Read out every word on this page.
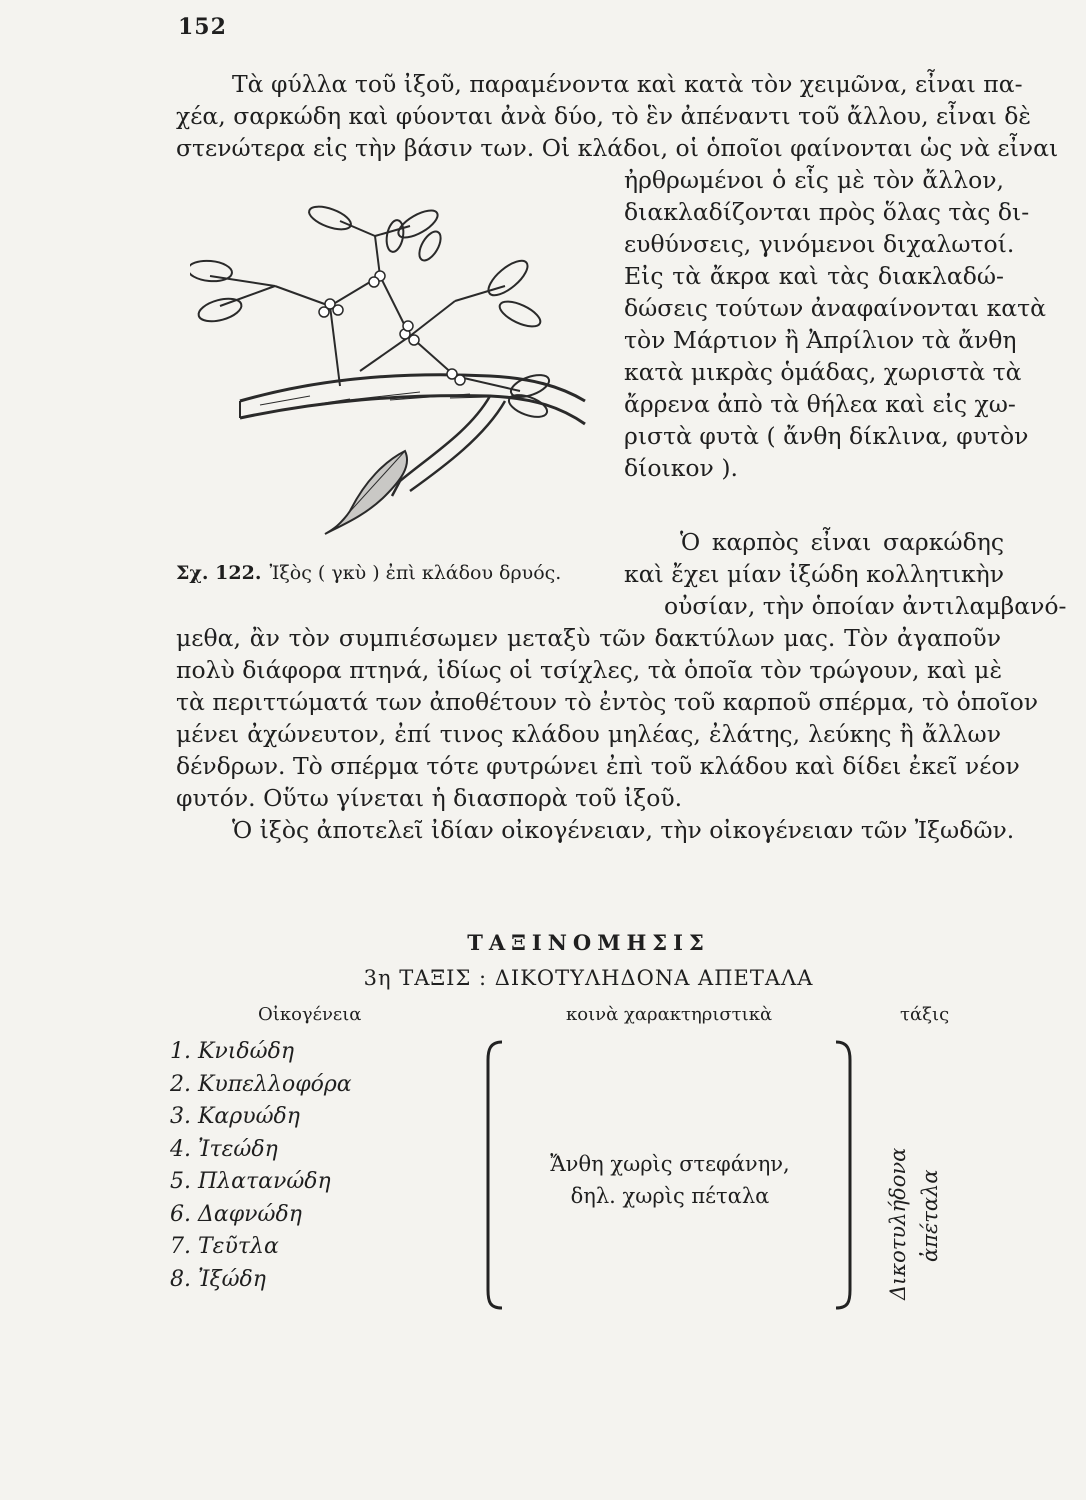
152
Τὰ φύλλα τοῦ ἰξοῦ, παραμένοντα καὶ κατὰ τὸν χειμῶνα, εἶναι πα-
χέα, σαρκώδη καὶ φύονται ἀνὰ δύο, τὸ ἓν ἀπέναντι τοῦ ἄλλου, εἶναι δὲ
στενώτερα εἰς τὴν βάσιν των. Οἱ κλάδοι, οἱ ὁποῖοι φαίνονται ὡς νὰ εἶναι
ἠρθρωμένοι ὁ εἷς μὲ τὸν ἄλλον,
διακλαδίζονται πρὸς ὅλας τὰς δι-
ευθύνσεις, γινόμενοι διχαλωτοί.
Εἰς τὰ ἄκρα καὶ τὰς διακλαδώ-
δώσεις τούτων ἀναφαίνονται κατὰ
τὸν Μάρτιον ἢ Ἀπρίλιον τὰ ἄνθη
κατὰ μικρὰς ὁμάδας, χωριστὰ τὰ
ἄρρενα ἀπὸ τὰ θήλεα καὶ εἰς χω-
ριστὰ φυτὰ ( ἄνθη δίκλινα, φυτὸν
δίοικον ).
Ὁ καρπὸς εἶναι σαρκώδης
καὶ ἔχει μίαν ἰξώδη κολλητικὴν
οὐσίαν, τὴν ὁποίαν ἀντιλαμβανό-
Σχ. 122. Ἰξὸς ( γκὺ ) ἐπὶ κλάδου δρυός.
μεθα, ἂν τὸν συμπιέσωμεν μεταξὺ τῶν δακτύλων μας. Τὸν ἀγαποῦν
πολὺ διάφορα πτηνά, ἰδίως οἱ τσίχλες, τὰ ὁποῖα τὸν τρώγουν, καὶ μὲ
τὰ περιττώματά των ἀποθέτουν τὸ ἐντὸς τοῦ καρποῦ σπέρμα, τὸ ὁποῖον
μένει ἀχώνευτον, ἐπί τινος κλάδου μηλέας, ἐλάτης, λεύκης ἢ ἄλλων
δένδρων. Τὸ σπέρμα τότε φυτρώνει ἐπὶ τοῦ κλάδου καὶ δίδει ἐκεῖ νέον
φυτόν. Οὕτω γίνεται ἡ διασπορὰ τοῦ ἰξοῦ.
Ὁ ἰξὸς ἀποτελεῖ ἰδίαν οἰκογένειαν, τὴν οἰκογένειαν τῶν Ἰξωδῶν.
ΤΑΞΙΝΟΜΗΣΙΣ
3η ΤΑΞΙΣ : ΔΙΚΟΤΥΛΗΔΟΝΑ ΑΠΕΤΑΛΑ
Οἰκογένεια	κοινὰ χαρακτηριστικὰ	τάξις
1. Κνιδώδη
2. Κυπελλοφόρα
3. Καρυώδη
4. Ἰτεώδη
5. Πλατανώδη
6. Δαφνώδη
7. Τεῦτλα
8. Ἰξώδη
Ἄνθη χωρὶς στεφάνην,
δηλ. χωρὶς πέταλα	Δικοτυλήδονα ἀπέταλα
